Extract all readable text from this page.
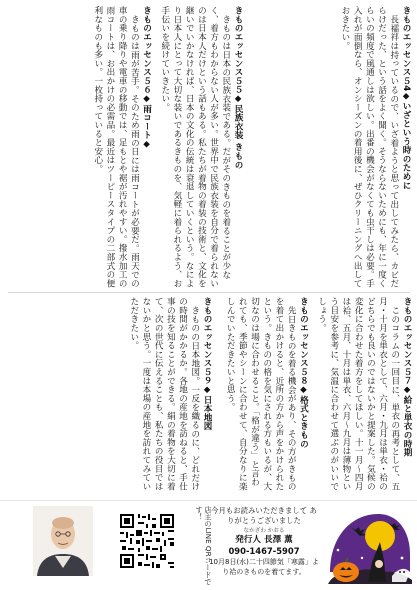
きものエッセンス５4◆いざという時のために
長襦袢は持っているので、いざ着ようと思って出してみたら、カビだらけだった、という話をよく聞く。そうならないためにも、年に一度くらいの頻度で風通しは欲しい。出番の機会がなくても虫干しは必要。手入れが面倒なら、オンシーズンの着用後に、ぜひクリーニングへ出しておきたい。
きものエッセンス５５◆民族衣装 きもの
きものは日本の民族衣装である。だがそのきものを着ることが少なく、着方もわからない人が多い。世界中で民族衣装を自分で着られないのは日本人だけという話もある。私たちが着物の着装の技術と、文化を継いでいかなければ、日本の文化の伝統は衰退していくという。なにより日本人にとって大切な装いであるきものを、気軽に着られるよう、お手伝いを続けていきたい。
きものエッセンス５６◆雨コート◆
きものは雨が苦手。そのため雨の日には雨コートが必要だ。雨天での車の乗り降りや電車の移動では、足もとや裾が汚れやすい。撥水加工の雨コートは、お出かけの必需品。最近はツーピースタイプの二部式の便利なものも多い。一枚持っていると安心。
きものエッセンス５７◆給と単衣の時期
このコラムの一回目に、単衣の再考として、五月・十月を単衣として、六月・九月は単衣・袷のどちらでも良いのではないかと提案した。気候の変化に合わせた着方をしてほしい。十一月〜四月は袷、五月、十月は単衣、六月〜九月は薄物という目安を参考に、気温に合わせて選ぶのがいいでしょう。
きものエッセンス５８◆格式ときもの
先日きものを着る機会があり、その方がきものを着て出かけると、近所の方から声をかけられたという。きものの格を気にされる方もいるが、大切なのは場に合わせること。「格が違う」と言われても、季節やシーンに合わせて、自分なりに楽しんでいただきたいと思う。
きものエッセンス５９◆日本地図
きものの日本地図。一反を織るのに、どれだけの時間がかかるか。各地の産地を訪ねると、手仕事の技を知ることができる。絹の着物を大切に着て、次の世代に伝えることも、私たちの役目ではないかと思う。一度は本場の産地を訪れてみていただきたい。
店主のLINE QRコードです！ 今月もお読みいただきまして ありがとうございました
なかざわ かおる
発行人 長澤 薫
090-1467-5907
10月8日(水)二十四節気「寒露」より袷のきものを着てます。
